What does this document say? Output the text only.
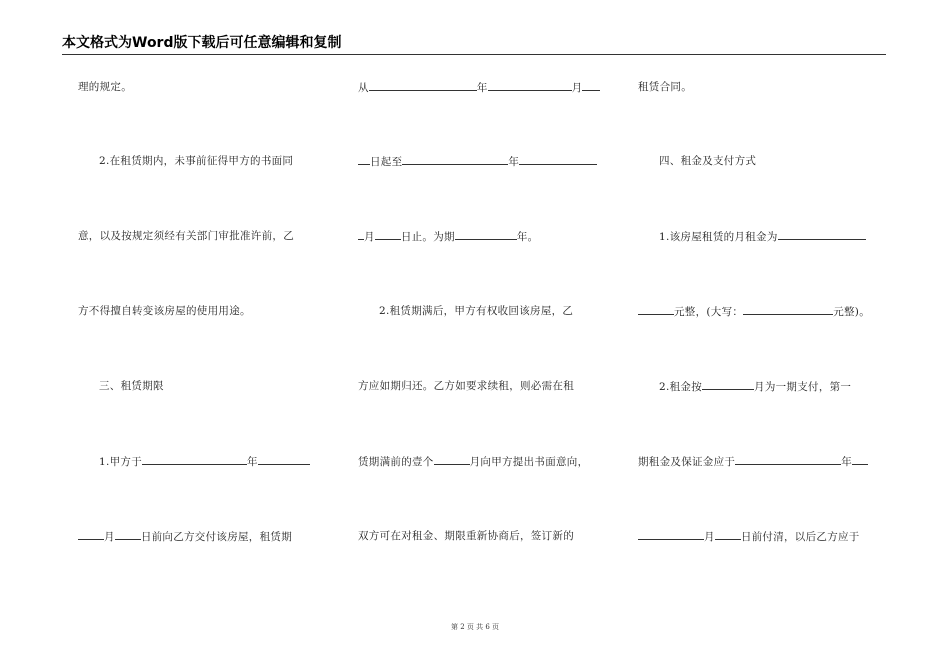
本文格式为Word版下载后可任意编辑和复制
理的规定。
2.在租赁期内，未事前征得甲方的书面同
意，以及按规定须经有关部门审批准许前，乙
方不得擅自转变该房屋的使用用途。
三、租赁期限
1.甲方于	年
月 日前向乙方交付该房屋，租赁期
从	年	月
日起至	年
月 日止。为期	年。
2.租赁期满后，甲方有权收回该房屋，乙
方应如期归还。乙方如要求续租，则必需在租
赁期满前的壹个	月向甲方提出书面意向，
双方可在对租金、期限重新协商后，签订新的
租赁合同。
四、租金及支付方式
1.该房屋租赁的月租金为
元整，(大写：	元整)。
2.租金按	月为一期支付，第一
期租金及保证金应于	年
月 日前付清，以后乙方应于
第 2 页 共 6 页
